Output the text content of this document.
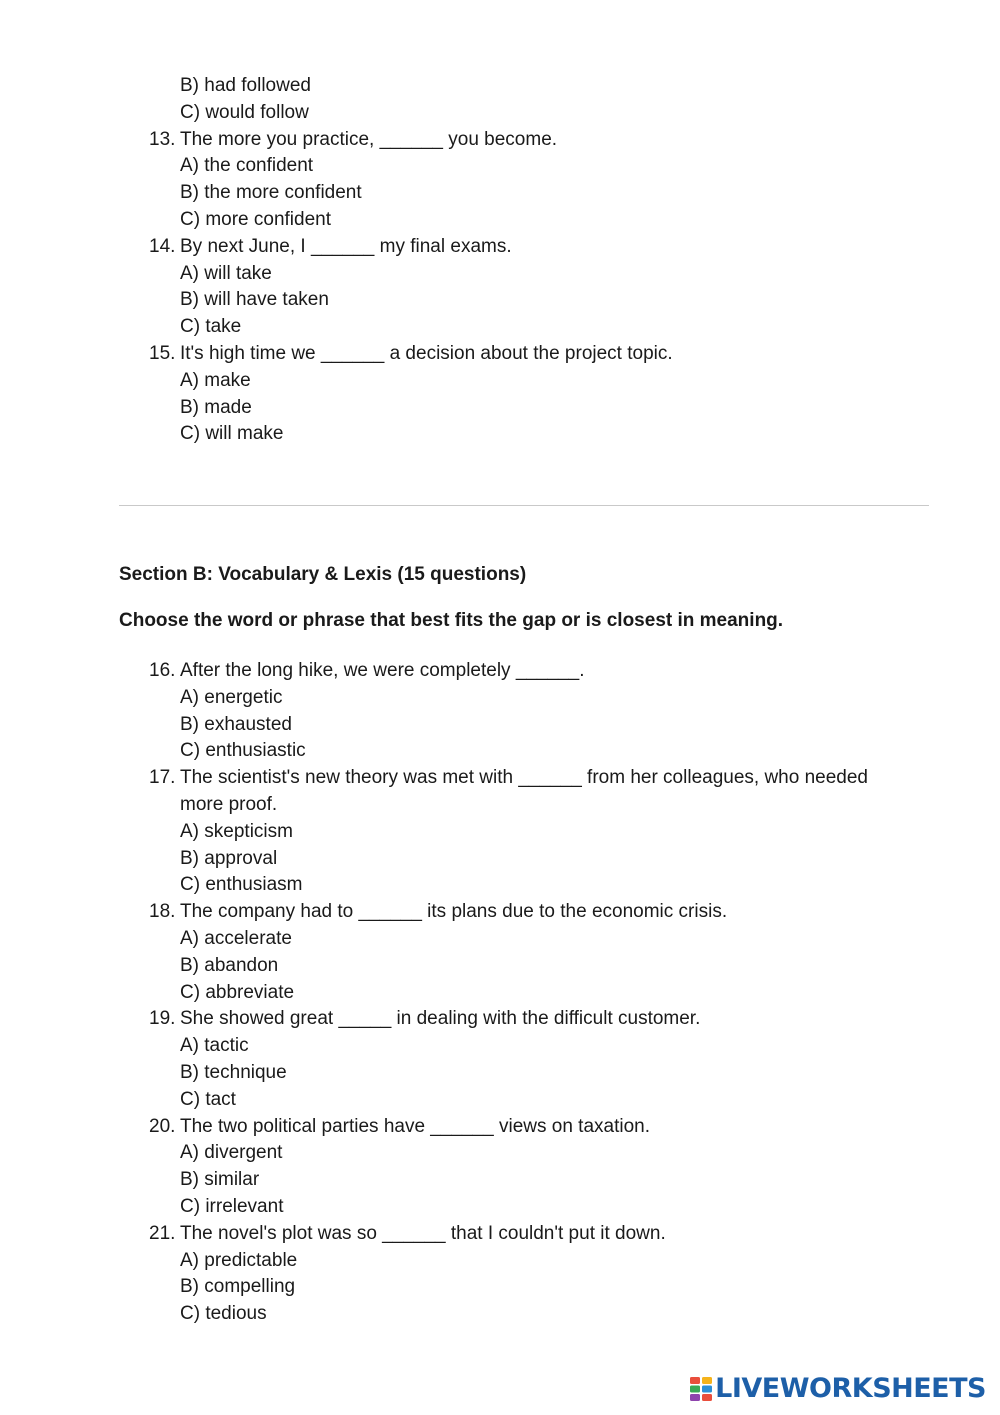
B) had followed
C) would follow
13. The more you practice, ______ you become.
A) the confident
B) the more confident
C) more confident
14. By next June, I ______ my final exams.
A) will take
B) will have taken
C) take
15. It's high time we ______ a decision about the project topic.
A) make
B) made
C) will make
Section B: Vocabulary & Lexis (15 questions)
Choose the word or phrase that best fits the gap or is closest in meaning.
16. After the long hike, we were completely ______.
A) energetic
B) exhausted
C) enthusiastic
17. The scientist's new theory was met with ______ from her colleagues, who needed more proof.
A) skepticism
B) approval
C) enthusiasm
18. The company had to ______ its plans due to the economic crisis.
A) accelerate
B) abandon
C) abbreviate
19. She showed great _____ in dealing with the difficult customer.
A) tactic
B) technique
C) tact
20. The two political parties have ______ views on taxation.
A) divergent
B) similar
C) irrelevant
21. The novel's plot was so ______ that I couldn't put it down.
A) predictable
B) compelling
C) tedious
LIVEWORKSHEETS
